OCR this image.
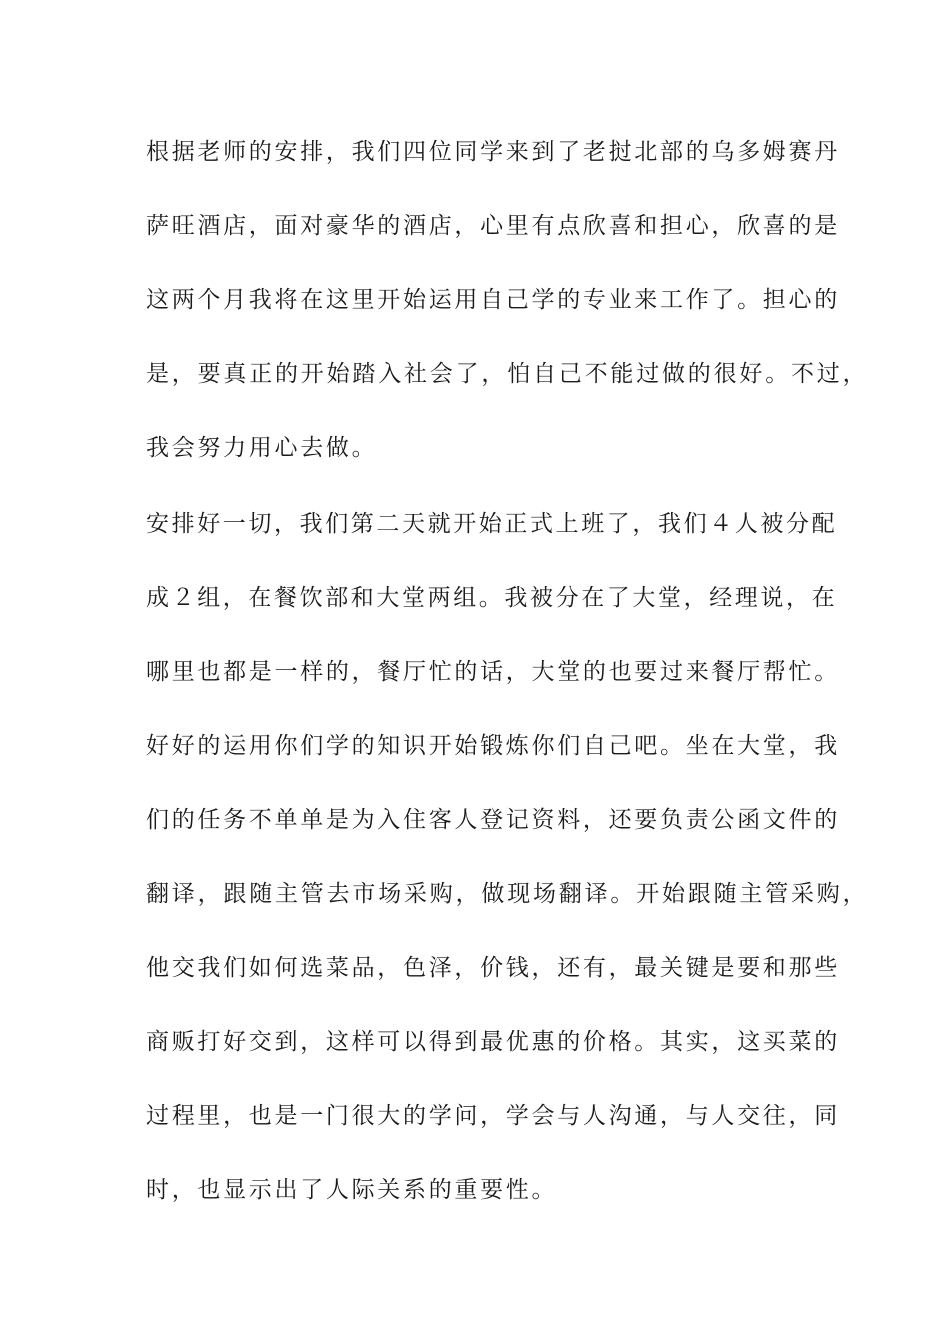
根据老师的安排，我们四位同学来到了老挝北部的乌多姆赛丹

萨旺酒店，面对豪华的酒店，心里有点欣喜和担心，欣喜的是

这两个月我将在这里开始运用自己学的专业来工作了。担心的

是，要真正的开始踏入社会了，怕自己不能过做的很好。不过，

我会努力用心去做。

安排好一切，我们第二天就开始正式上班了，我们４人被分配

成２组，在餐饮部和大堂两组。我被分在了大堂，经理说，在

哪里也都是一样的，餐厅忙的话，大堂的也要过来餐厅帮忙。

好好的运用你们学的知识开始锻炼你们自己吧。坐在大堂，我

们的任务不单单是为入住客人登记资料，还要负责公函文件的

翻译，跟随主管去市场采购，做现场翻译。开始跟随主管采购，

他交我们如何选菜品，色泽，价钱，还有，最关键是要和那些

商贩打好交到，这样可以得到最优惠的价格。其实，这买菜的

过程里，也是一门很大的学问，学会与人沟通，与人交往，同

时，也显示出了人际关系的重要性。
